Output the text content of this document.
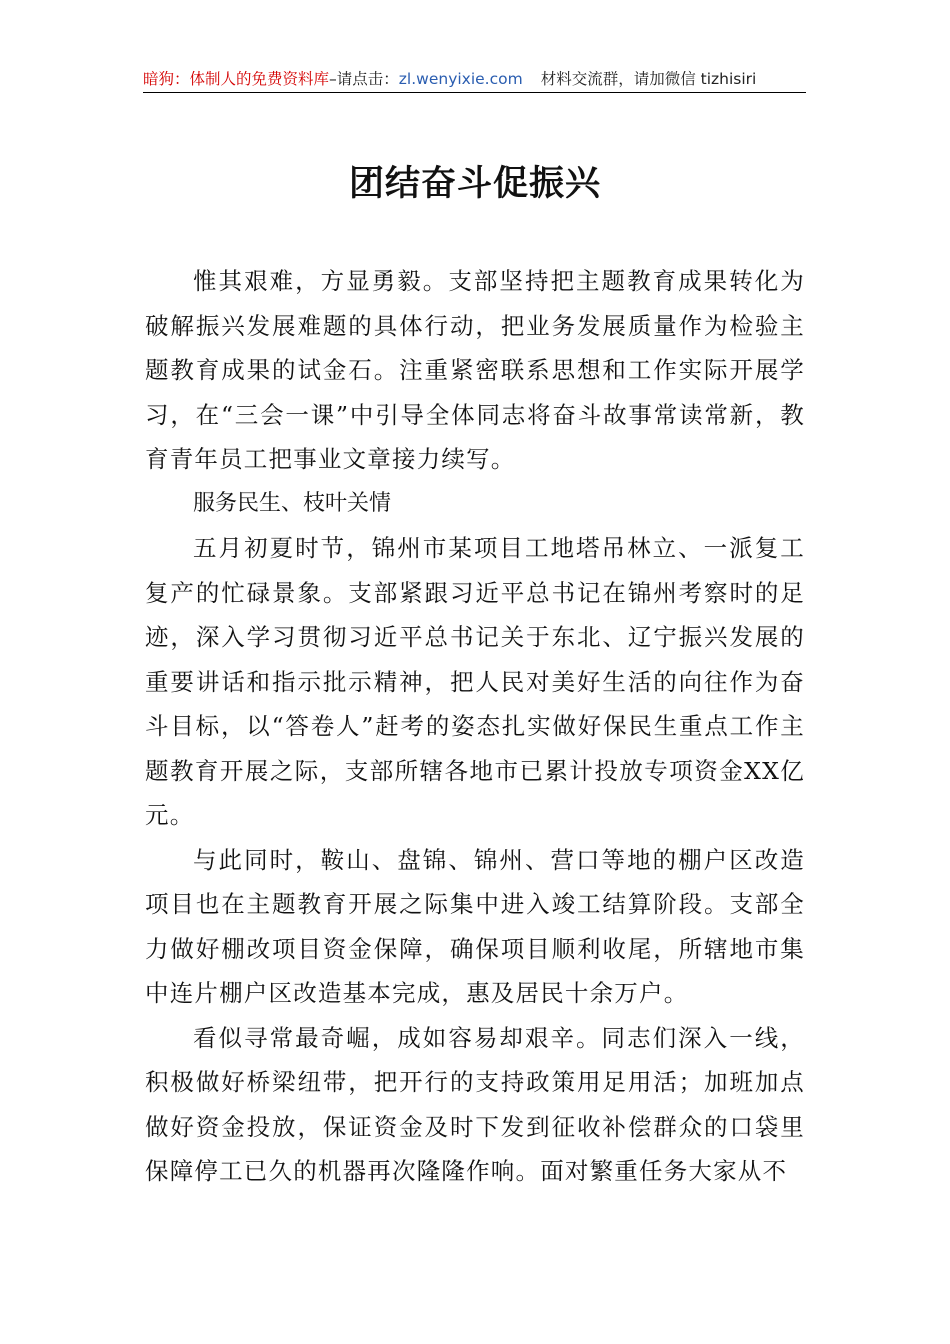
暗狗：体制人的免费资料库–请点击：zl.wenyixie.com 材料交流群，请加微信 tizhisiri
团结奋斗促振兴

惟其艰难，方显勇毅。支部坚持把主题教育成果转化为破解振兴发展难题的具体行动，把业务发展质量作为检验主题教育成果的试金石。注重紧密联系思想和工作实际开展学习，在“三会一课”中引导全体同志将奋斗故事常读常新，教育青年员工把事业文章接力续写。

服务民生、枝叶关情

五月初夏时节，锦州市某项目工地塔吊林立、一派复工复产的忙碌景象。支部紧跟习近平总书记在锦州考察时的足迹，深入学习贯彻习近平总书记关于东北、辽宁振兴发展的重要讲话和指示批示精神，把人民对美好生活的向往作为奋斗目标，以“答卷人”赶考的姿态扎实做好保民生重点工作主题教育开展之际，支部所辖各地市已累计投放专项资金XX亿元。

与此同时，鞍山、盘锦、锦州、营口等地的棚户区改造项目也在主题教育开展之际集中进入竣工结算阶段。支部全力做好棚改项目资金保障，确保项目顺利收尾，所辖地市集中连片棚户区改造基本完成，惠及居民十余万户。

看似寻常最奇崛，成如容易却艰辛。同志们深入一线，积极做好桥梁纽带，把开行的支持政策用足用活；加班加点做好资金投放，保证资金及时下发到征收补偿群众的口袋里保障停工已久的机器再次隆隆作响。面对繁重任务大家从不
